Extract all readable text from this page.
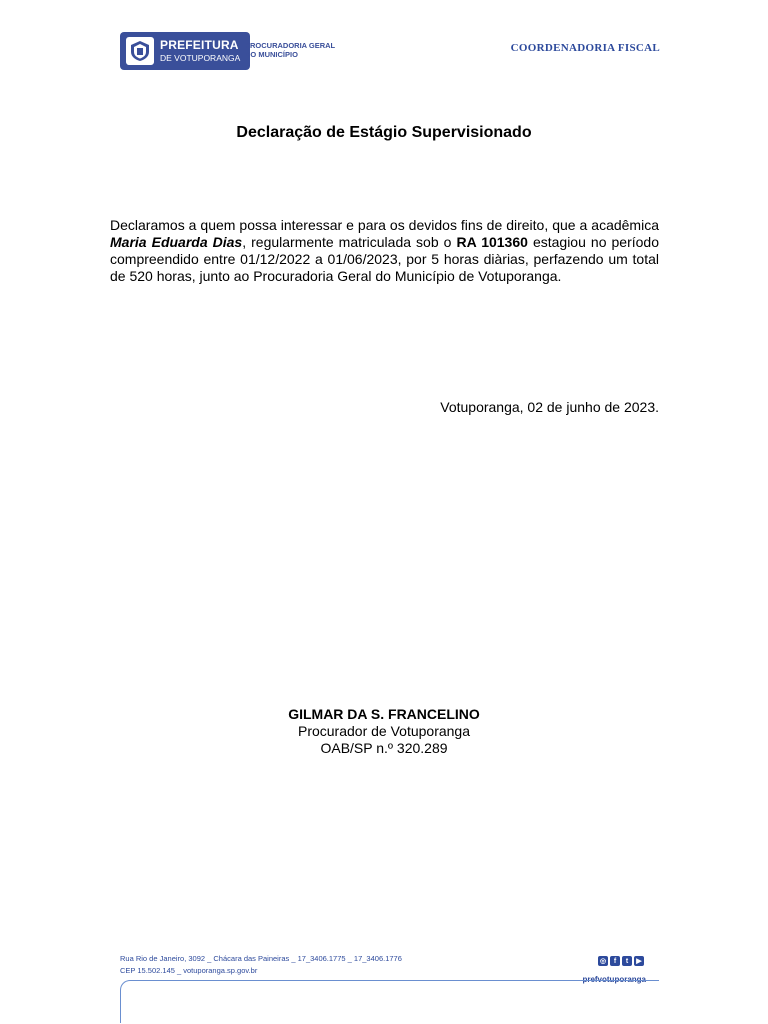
PREFEITURA
DE VOTUPORANGA
PROCURADORIA GERAL DO MUNICÍPIO
COORDENADORIA FISCAL
Declaração de Estágio Supervisionado
Declaramos a quem possa interessar e para os devidos fins de direito, que a acadêmica Maria Eduarda Dias, regularmente matriculada sob o RA 101360 estagiou no período compreendido entre 01/12/2022 a 01/06/2023, por 5 horas diàrias, perfazendo um total de 520 horas, junto ao Procuradoria Geral do Município de Votuporanga.
Votuporanga, 02 de junho de 2023.
GILMAR DA S. FRANCELINO
Procurador de Votuporanga
OAB/SP n.º 320.289
Rua Rio de Janeiro, 3092 _ Chácara das Paineiras _ 17_3406.1775 _ 17_3406.1776
CEP 15.502.145 _ votuporanga.sp.gov.br
◎	f	t	▶
prefvotuporanga
